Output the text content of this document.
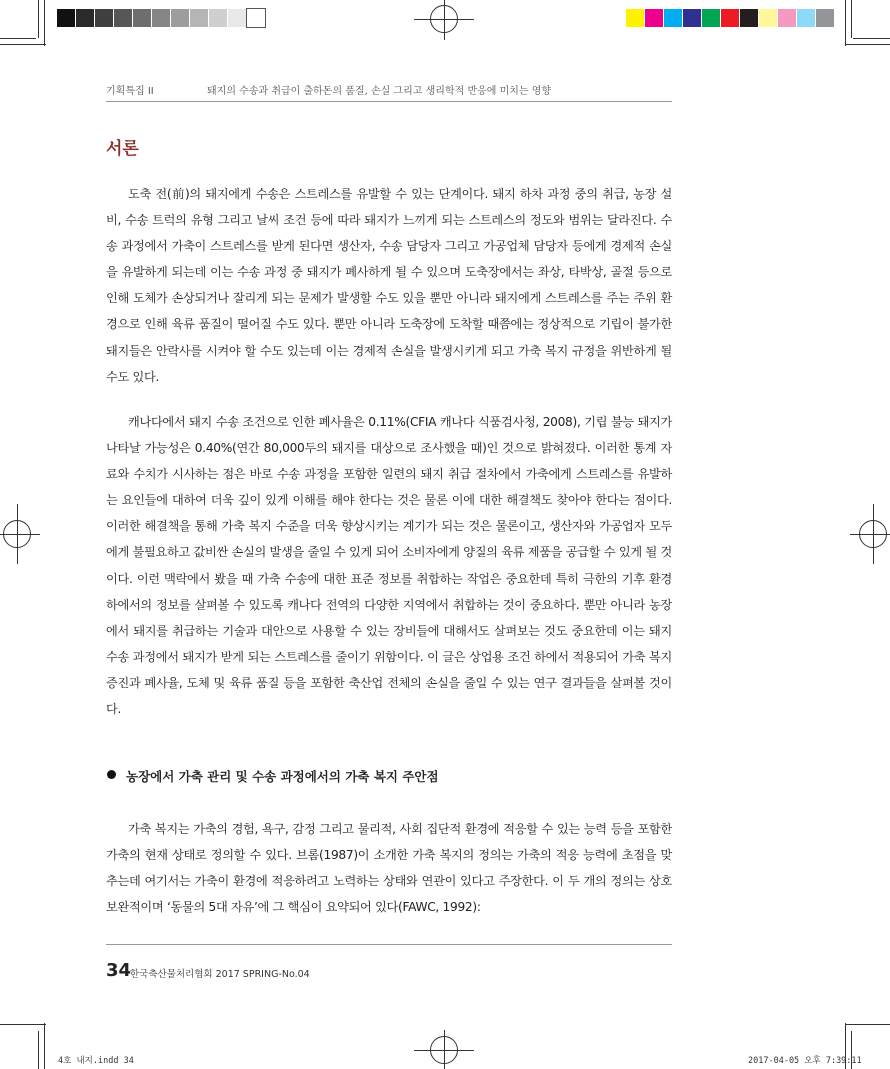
기획특집 II	돼지의 수송과 취급이 출하돈의 품질, 손실 그리고 생리학적 반응에 미치는 영향
서론

도축 전(前)의 돼지에게 수송은 스트레스를 유발할 수 있는 단계이다. 돼지 하차 과정 중의 취급, 농장 설비, 수송 트럭의 유형 그리고 날씨 조건 등에 따라 돼지가 느끼게 되는 스트레스의 정도와 범위는 달라진다. 수송 과정에서 가축이 스트레스를 받게 된다면 생산자, 수송 담당자 그리고 가공업체 담당자 등에게 경제적 손실을 유발하게 되는데 이는 수송 과정 중 돼지가 폐사하게 될 수 있으며 도축장에서는 좌상, 타박상, 골절 등으로 인해 도체가 손상되거나 잘리게 되는 문제가 발생할 수도 있을 뿐만 아니라 돼지에게 스트레스를 주는 주위 환경으로 인해 육류 품질이 떨어질 수도 있다. 뿐만 아니라 도축장에 도착할 때쯤에는 정상적으로 기립이 불가한 돼지들은 안락사를 시켜야 할 수도 있는데 이는 경제적 손실을 발생시키게 되고 가축 복지 규정을 위반하게 될 수도 있다.

캐나다에서 돼지 수송 조건으로 인한 폐사율은 0.11%(CFIA 캐나다 식품검사청, 2008), 기립 불능 돼지가 나타날 가능성은 0.40%(연간 80,000두의 돼지를 대상으로 조사했을 때)인 것으로 밝혀졌다. 이러한 통계 자료와 수치가 시사하는 점은 바로 수송 과정을 포함한 일련의 돼지 취급 절차에서 가축에게 스트레스를 유발하는 요인들에 대하여 더욱 깊이 있게 이해를 해야 한다는 것은 물론 이에 대한 해결책도 찾아야 한다는 점이다. 이러한 해결책을 통해 가축 복지 수준을 더욱 향상시키는 계기가 되는 것은 물론이고, 생산자와 가공업자 모두에게 불필요하고 값비싼 손실의 발생을 줄일 수 있게 되어 소비자에게 양질의 육류 제품을 공급할 수 있게 될 것이다. 이런 맥락에서 봤을 때 가축 수송에 대한 표준 정보를 취합하는 작업은 중요한데 특히 극한의 기후 환경 하에서의 정보를 살펴볼 수 있도록 캐나다 전역의 다양한 지역에서 취합하는 것이 중요하다. 뿐만 아니라 농장에서 돼지를 취급하는 기술과 대안으로 사용할 수 있는 장비들에 대해서도 살펴보는 것도 중요한데 이는 돼지 수송 과정에서 돼지가 받게 되는 스트레스를 줄이기 위함이다. 이 글은 상업용 조건 하에서 적용되어 가축 복지 증진과 폐사율, 도체 및 육류 품질 등을 포함한 축산업 전체의 손실을 줄일 수 있는 연구 결과들을 살펴볼 것이다.

농장에서 가축 관리 및 수송 과정에서의 가축 복지 주안점

가축 복지는 가축의 경험, 욕구, 감정 그리고 물리적, 사회 집단적 환경에 적응할 수 있는 능력 등을 포함한 가축의 현재 상태로 정의할 수 있다. 브롬(1987)이 소개한 가축 복지의 정의는 가축의 적응 능력에 초점을 맞추는데 여기서는 가축이 환경에 적응하려고 노력하는 상태와 연관이 있다고 주장한다. 이 두 개의 정의는 상호 보완적이며 ‘동물의 5대 자유’에 그 핵심이 요약되어 있다(FAWC, 1992):

34
한국축산물처리협회 2017 SPRING-No.04
4호 내지.indd 34	2017-04-05 오후 7:39:11
